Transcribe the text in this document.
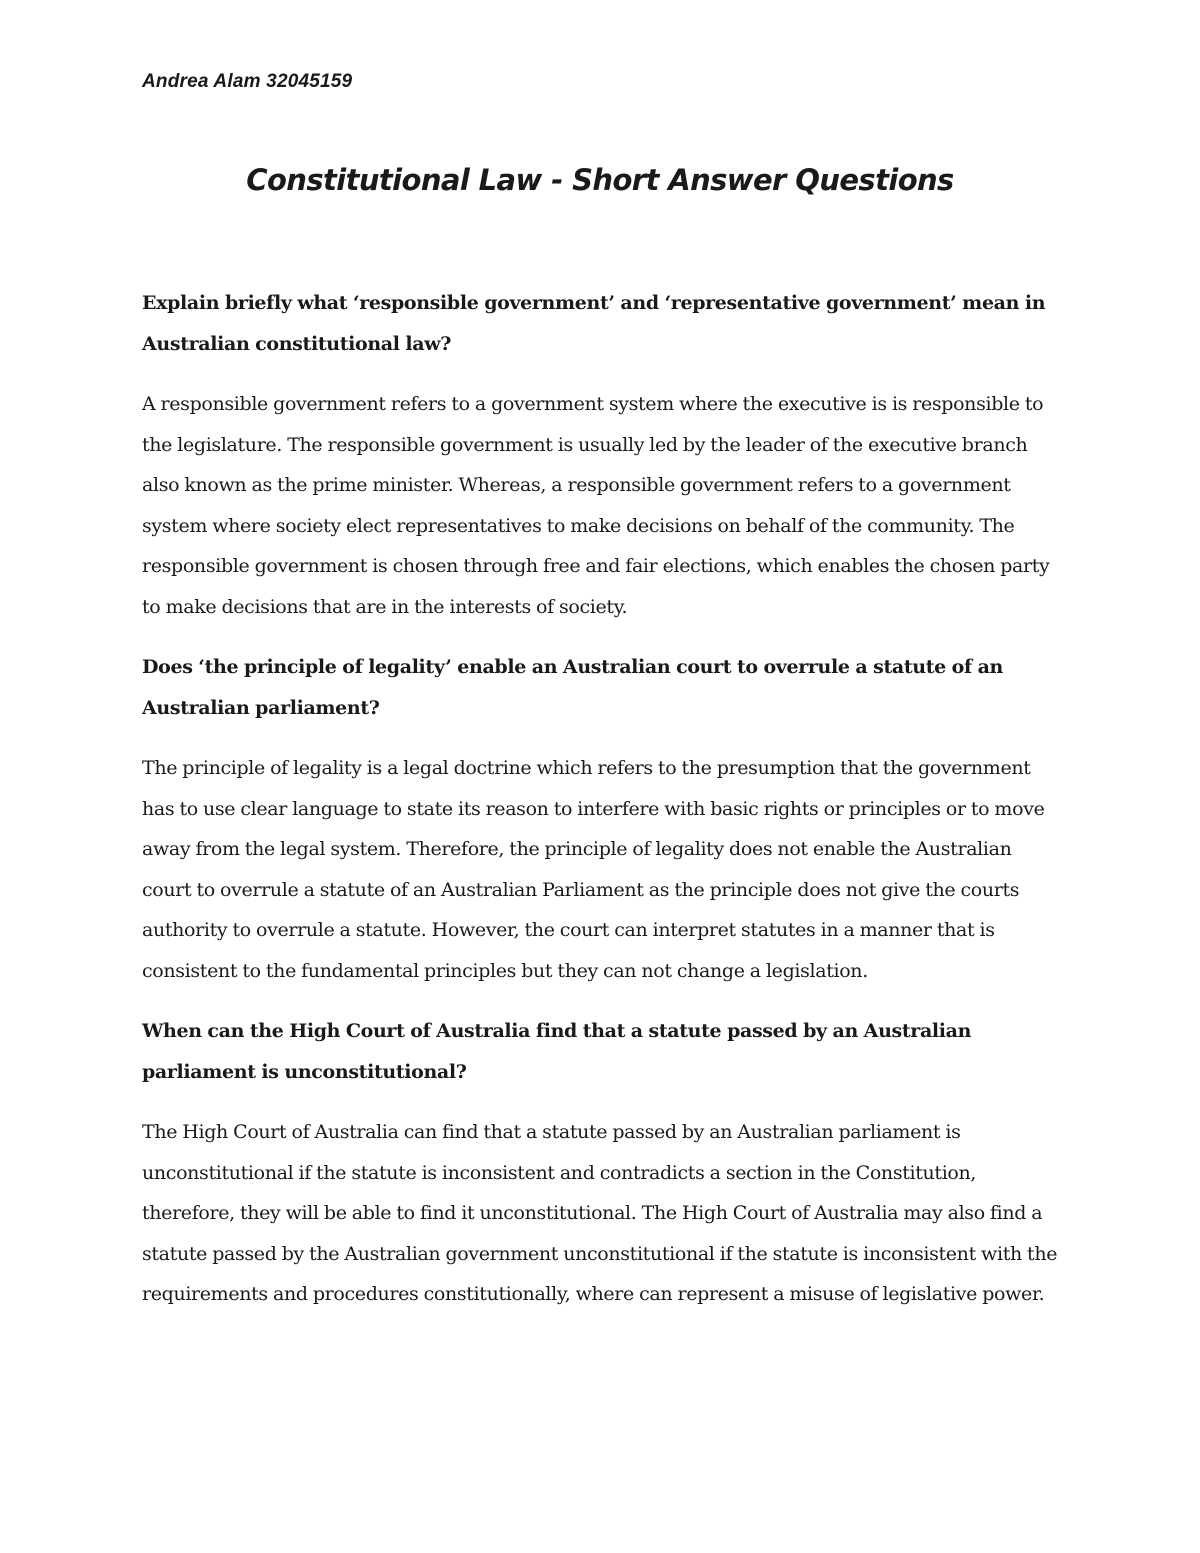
Andrea Alam 32045159

Constitutional Law - Short Answer Questions

Explain briefly what ‘responsible government’ and ‘representative government’ mean in Australian constitutional law?

A responsible government refers to a government system where the executive is is responsible to the legislature. The responsible government is usually led by the leader of the executive branch also known as the prime minister. Whereas, a responsible government refers to a government system where society elect representatives to make decisions on behalf of the community. The responsible government is chosen through free and fair elections, which enables the chosen party to make decisions that are in the interests of society.

Does ‘the principle of legality’ enable an Australian court to overrule a statute of an Australian parliament?

The principle of legality is a legal doctrine which refers to the presumption that the government has to use clear language to state its reason to interfere with basic rights or principles or to move away from the legal system. Therefore, the principle of legality does not enable the Australian court to overrule a statute of an Australian Parliament as the principle does not give the courts authority to overrule a statute. However, the court can interpret statutes in a manner that is consistent to the fundamental principles but they can not change a legislation.

When can the High Court of Australia find that a statute passed by an Australian parliament is unconstitutional?

The High Court of Australia can find that a statute passed by an Australian parliament is unconstitutional if the statute is inconsistent and contradicts a section in the Constitution, therefore, they will be able to find it unconstitutional. The High Court of Australia may also find a statute passed by the Australian government unconstitutional if the statute is inconsistent with the requirements and procedures constitutionally, where can represent a misuse of legislative power.
